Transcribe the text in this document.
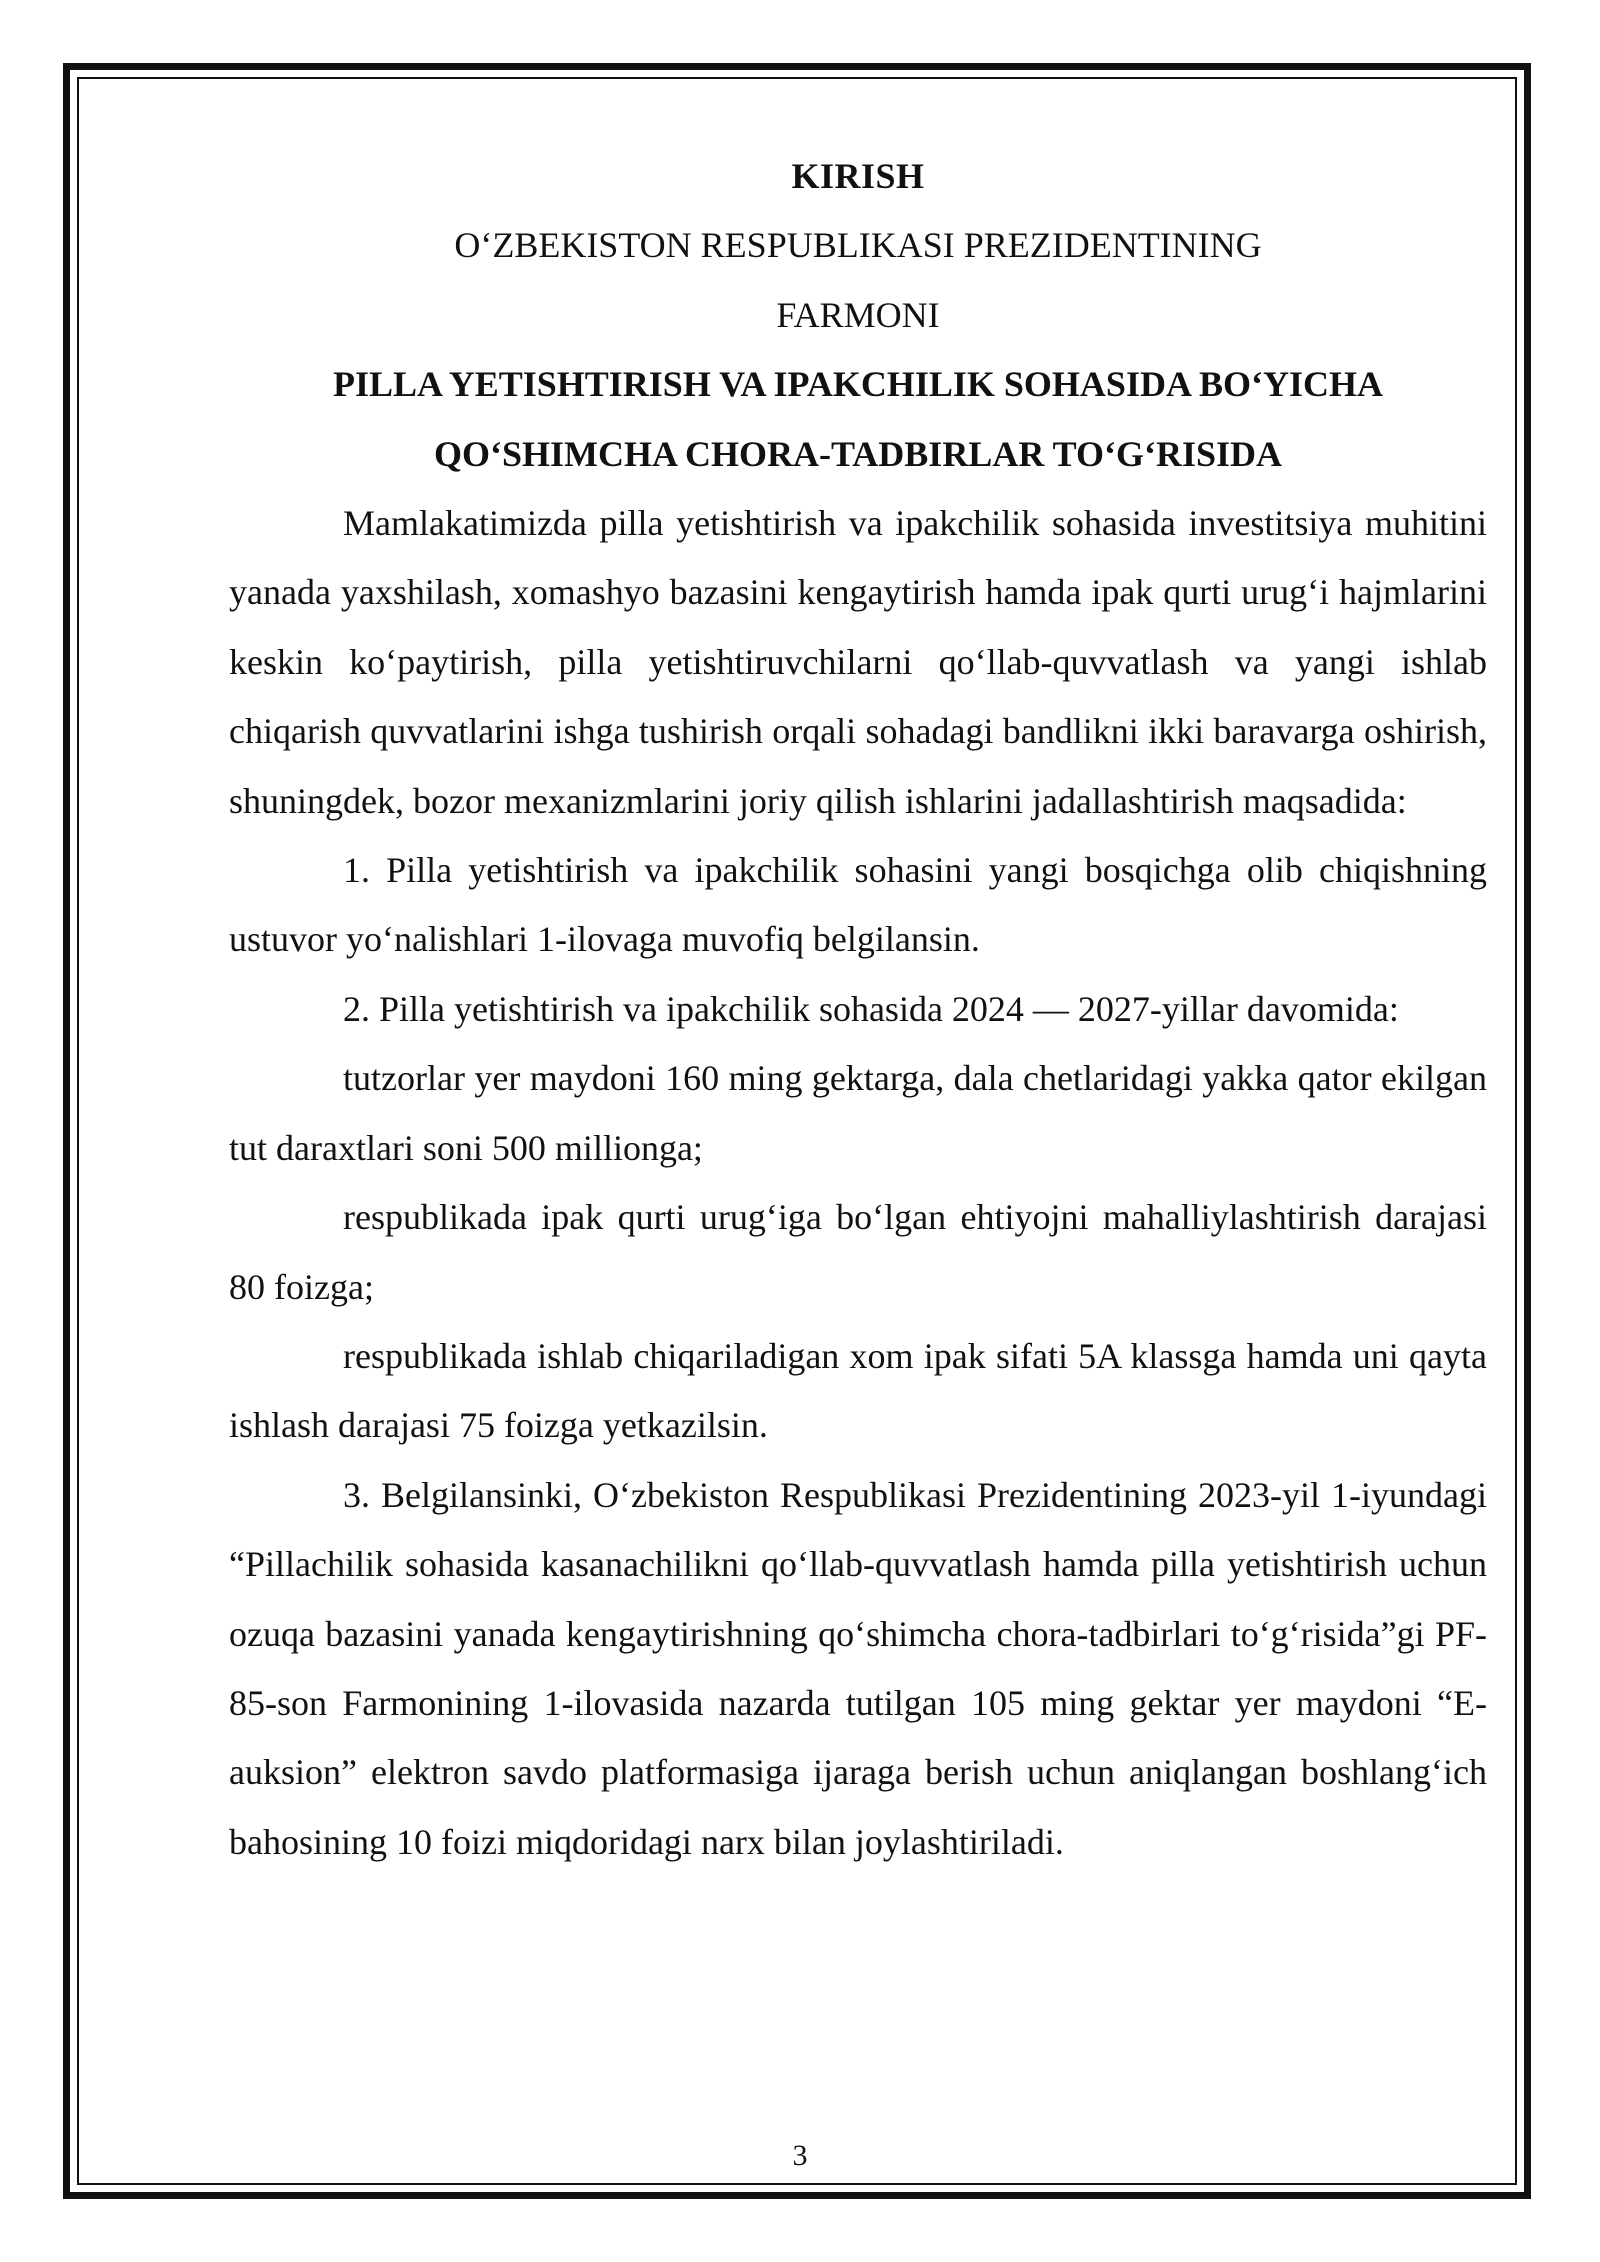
KIRISH

O‘ZBEKISTON RESPUBLIKASI PREZIDENTINING

FARMONI

PILLA YETISHTIRISH VA IPAKCHILIK SOHASIDA BO‘YICHA

QO‘SHIMCHA CHORA-TADBIRLAR TO‘G‘RISIDA

Mamlakatimizda pilla yetishtirish va ipakchilik sohasida investitsiya muhitini yanada yaxshilash, xomashyo bazasini kengaytirish hamda ipak qurti urug‘i hajmlarini keskin ko‘paytirish, pilla yetishtiruvchilarni qo‘llab-quvvatlash va yangi ishlab chiqarish quvvatlarini ishga tushirish orqali sohadagi bandlikni ikki baravarga oshirish, shuningdek, bozor mexanizmlarini joriy qilish ishlarini jadallashtirish maqsadida:

1. Pilla yetishtirish va ipakchilik sohasini yangi bosqichga olib chiqishning ustuvor yo‘nalishlari 1-ilovaga muvofiq belgilansin.

2. Pilla yetishtirish va ipakchilik sohasida 2024 — 2027-yillar davomida:

tutzorlar yer maydoni 160 ming gektarga, dala chetlaridagi yakka qator ekilgan tut daraxtlari soni 500 millionga;

respublikada ipak qurti urug‘iga bo‘lgan ehtiyojni mahalliylashtirish darajasi 80 foizga;

respublikada ishlab chiqariladigan xom ipak sifati 5A klassga hamda uni qayta ishlash darajasi 75 foizga yetkazilsin.

3. Belgilansinki, O‘zbekiston Respublikasi Prezidentining 2023-yil 1-iyundagi “Pillachilik sohasida kasanachilikni qo‘llab-quvvatlash hamda pilla yetishtirish uchun ozuqa bazasini yanada kengaytirishning qo‘shimcha chora-tadbirlari to‘g‘risida”gi PF-85-son Farmonining 1-ilovasida nazarda tutilgan 105 ming gektar yer maydoni “E-auksion” elektron savdo platformasiga ijaraga berish uchun aniqlangan boshlang‘ich bahosining 10 foizi miqdoridagi narx bilan joylashtiriladi.

3
